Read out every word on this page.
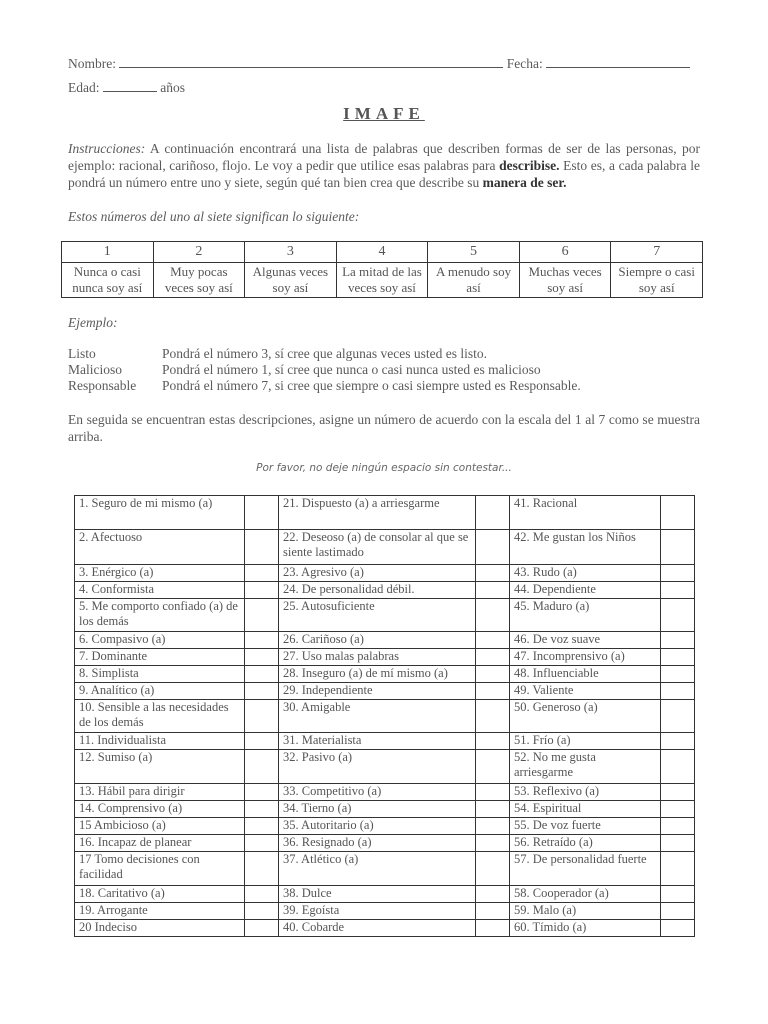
Nombre:	Fecha:
Edad:	años
IMAFE
Instrucciones: A continuación encontrará una lista de palabras que describen formas de ser de las personas, por ejemplo: racional, cariñoso, flojo. Le voy a pedir que utilice esas palabras para describise. Esto es, a cada palabra le pondrá un número entre uno y siete, según qué tan bien crea que describe su manera de ser.
Estos números del uno al siete significan lo siguiente:
1	2	3	4	5	6	7
Nunca o casi nunca soy así	Muy pocas veces soy así	Algunas veces soy así	La mitad de las veces soy así	A menudo soy así	Muchas veces soy así	Siempre o casi soy así
Ejemplo:
Listo	Pondrá el número 3, sí cree que algunas veces usted es listo.
Malicioso	Pondrá el número 1, sí cree que nunca o casi nunca usted es malicioso
Responsable	Pondrá el número 7, si cree que siempre o casi siempre usted es Responsable.
En seguida se encuentran estas descripciones, asigne un número de acuerdo con la escala del 1 al 7 como se muestra arriba.
Por favor, no deje ningún espacio sin contestar...
1. Seguro de mi mismo (a)		21. Dispuesto (a) a arriesgarme		41. Racional	
2. Afectuoso		22. Deseoso (a) de consolar al que se siente lastimado		42. Me gustan los Niños	
3. Enérgico (a)		23. Agresivo (a)		43. Rudo (a)	
4. Conformista		24. De personalidad débil.		44. Dependiente	
5. Me comporto confiado (a) de los demás		25. Autosuficiente		45. Maduro (a)	
6. Compasivo (a)		26. Cariñoso (a)		46. De voz suave	
7. Dominante		27. Uso malas palabras		47. Incomprensivo (a)	
8. Simplista		28. Inseguro (a) de mí mismo (a)		48. Influenciable	
9. Analítico (a)		29. Independiente		49. Valiente	
10. Sensible a las necesidades de los demás		30. Amigable		50. Generoso (a)	
11. Individualista		31. Materialista		51. Frío (a)	
12. Sumiso (a)		32. Pasivo (a)		52. No me gusta arriesgarme	
13. Hábil para dirigir		33. Competitivo (a)		53. Reflexivo (a)	
14. Comprensivo (a)		34. Tierno (a)		54. Espiritual	
15 Ambicioso (a)		35. Autoritario (a)		55. De voz fuerte	
16. Incapaz de planear		36. Resignado (a)		56. Retraído (a)	
17 Tomo decisiones con facilidad		37. Atlético (a)		57. De personalidad fuerte	
18. Caritativo (a)		38. Dulce		58. Cooperador (a)	
19. Arrogante		39. Egoísta		59. Malo (a)	
20 Indeciso		40. Cobarde		60. Tímido (a)	
